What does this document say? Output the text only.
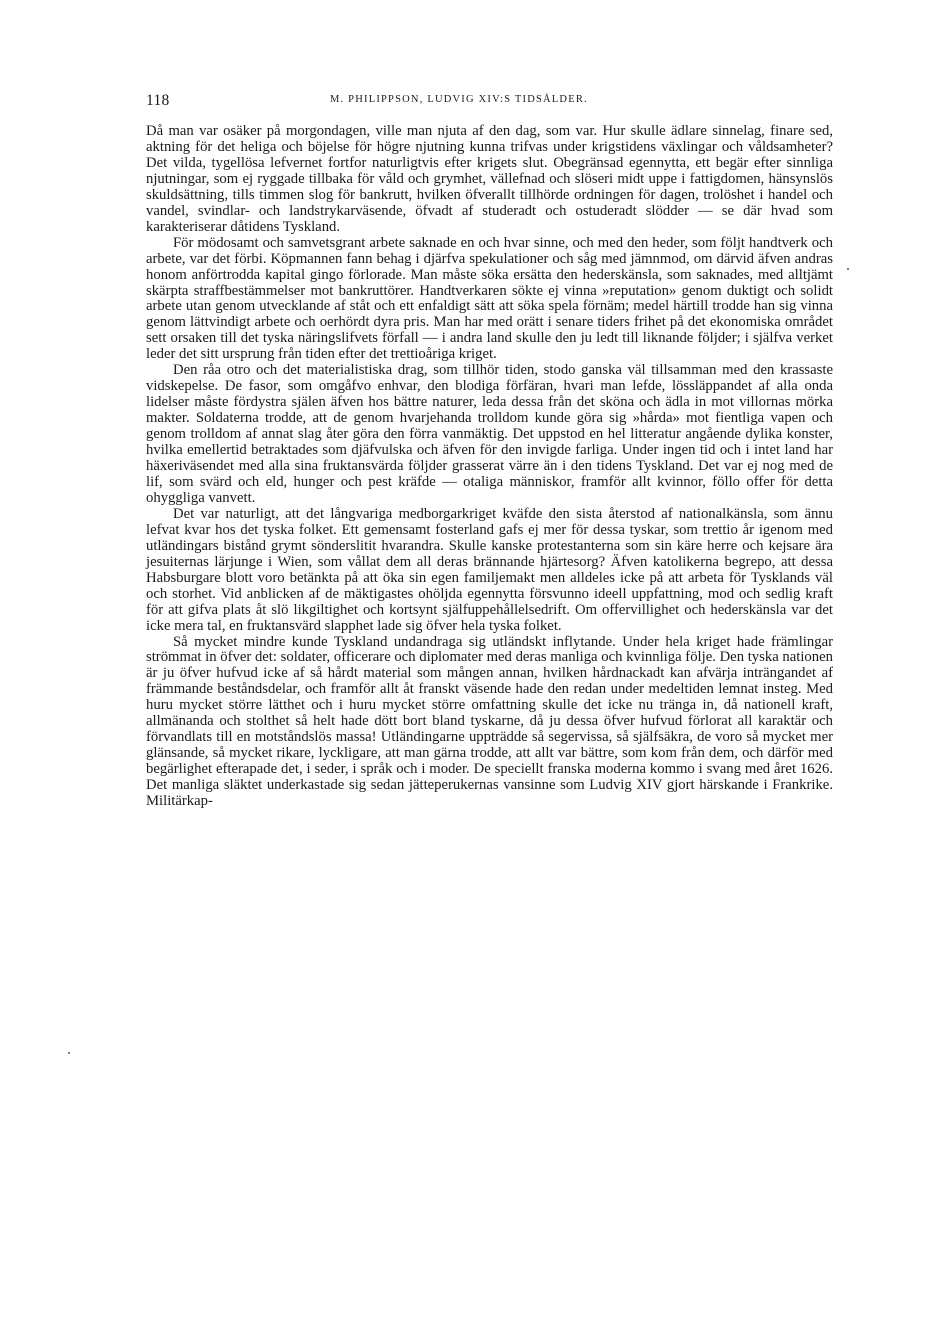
118	M. PHILIPPSON, LUDVIG XIV:S TIDSÅLDER.

Då man var osäker på morgondagen, ville man njuta af den dag, som var. Hur skulle ädlare sinnelag, finare sed, aktning för det heliga och böjelse för högre njutning kunna trifvas under krigstidens växlingar och våldsamheter? Det vilda, tygellösa lefvernet fortfor naturligtvis efter krigets slut. Obegränsad egennytta, ett begär efter sinnliga njutningar, som ej ryggade tillbaka för våld och grymhet, vällefnad och slöseri midt uppe i fattigdomen, hänsynslös skuldsättning, tills timmen slog för bankrutt, hvilken öfverallt tillhörde ordningen för dagen, trolöshet i handel och vandel, svindlar- och landstrykarväsende, öfvadt af studeradt och ostuderadt slödder — se där hvad som karakteriserar dåtidens Tyskland.

För mödosamt och samvetsgrant arbete saknade en och hvar sinne, och med den heder, som följt handtverk och arbete, var det förbi. Köpmannen fann behag i djärfva spekulationer och såg med jämnmod, om därvid äfven andras honom anförtrodda kapital gingo förlorade. Man måste söka ersätta den hederskänsla, som saknades, med alltjämt skärpta straffbestämmelser mot bankruttörer. Handtverkaren sökte ej vinna »reputation» genom duktigt och solidt arbete utan genom utvecklande af ståt och ett enfaldigt sätt att söka spela förnäm; medel härtill trodde han sig vinna genom lättvindigt arbete och oerhördt dyra pris. Man har med orätt i senare tiders frihet på det ekonomiska området sett orsaken till det tyska näringslifvets förfall — i andra land skulle den ju ledt till liknande följder; i själfva verket leder det sitt ursprung från tiden efter det trettioåriga kriget.

Den råa otro och det materialistiska drag, som tillhör tiden, stodo ganska väl tillsamman med den krassaste vidskepelse. De fasor, som omgåfvo enhvar, den blodiga förfäran, hvari man lefde, lössläppandet af alla onda lidelser måste fördystra själen äfven hos bättre naturer, leda dessa från det sköna och ädla in mot villornas mörka makter. Soldaterna trodde, att de genom hvarjehanda trolldom kunde göra sig »hårda» mot fientliga vapen och genom trolldom af annat slag åter göra den förra vanmäktig. Det uppstod en hel litteratur angående dylika konster, hvilka emellertid betraktades som djäfvulska och äfven för den invigde farliga. Under ingen tid och i intet land har häxeriväsendet med alla sina fruktansvärda följder grasserat värre än i den tidens Tyskland. Det var ej nog med de lif, som svärd och eld, hunger och pest kräfde — otaliga människor, framför allt kvinnor, föllo offer för detta ohyggliga vanvett.

Det var naturligt, att det långvariga medborgarkriget kväfde den sista återstod af nationalkänsla, som ännu lefvat kvar hos det tyska folket. Ett gemensamt fosterland gafs ej mer för dessa tyskar, som trettio år igenom med utländingars bistånd grymt sönderslitit hvarandra. Skulle kanske protestanterna som sin käre herre och kejsare ära jesuiternas lärjunge i Wien, som vållat dem all deras brännande hjärtesorg? Äfven katolikerna begrepo, att dessa Habsburgare blott voro betänkta på att öka sin egen familjemakt men alldeles icke på att arbeta för Tysklands väl och storhet. Vid anblicken af de mäktigastes ohöljda egennytta försvunno ideell uppfattning, mod och sedlig kraft för att gifva plats åt slö likgiltighet och kortsynt själfuppehållelsedrift. Om offervillighet och hederskänsla var det icke mera tal, en fruktansvärd slapphet lade sig öfver hela tyska folket.

Så mycket mindre kunde Tyskland undandraga sig utländskt inflytande. Under hela kriget hade främlingar strömmat in öfver det: soldater, officerare och diplomater med deras manliga och kvinnliga följe. Den tyska nationen är ju öfver hufvud icke af så hårdt material som mången annan, hvilken hårdnackadt kan afvärja inträngandet af främmande beståndsdelar, och framför allt åt franskt väsende hade den redan under medeltiden lemnat insteg. Med huru mycket större lätthet och i huru mycket större omfattning skulle det icke nu tränga in, då nationell kraft, allmänanda och stolthet så helt hade dött bort bland tyskarne, då ju dessa öfver hufvud förlorat all karaktär och förvandlats till en motståndslös massa! Utländingarne uppträdde så segervissa, så själfsäkra, de voro så mycket mer glänsande, så mycket rikare, lyckligare, att man gärna trodde, att allt var bättre, som kom från dem, och därför med begärlighet efterapade det, i seder, i språk och i moder. De speciellt franska moderna kommo i svang med året 1626. Det manliga släktet underkastade sig sedan jätteperukernas vansinne som Ludvig XIV gjort härskande i Frankrike. Militärkap-
